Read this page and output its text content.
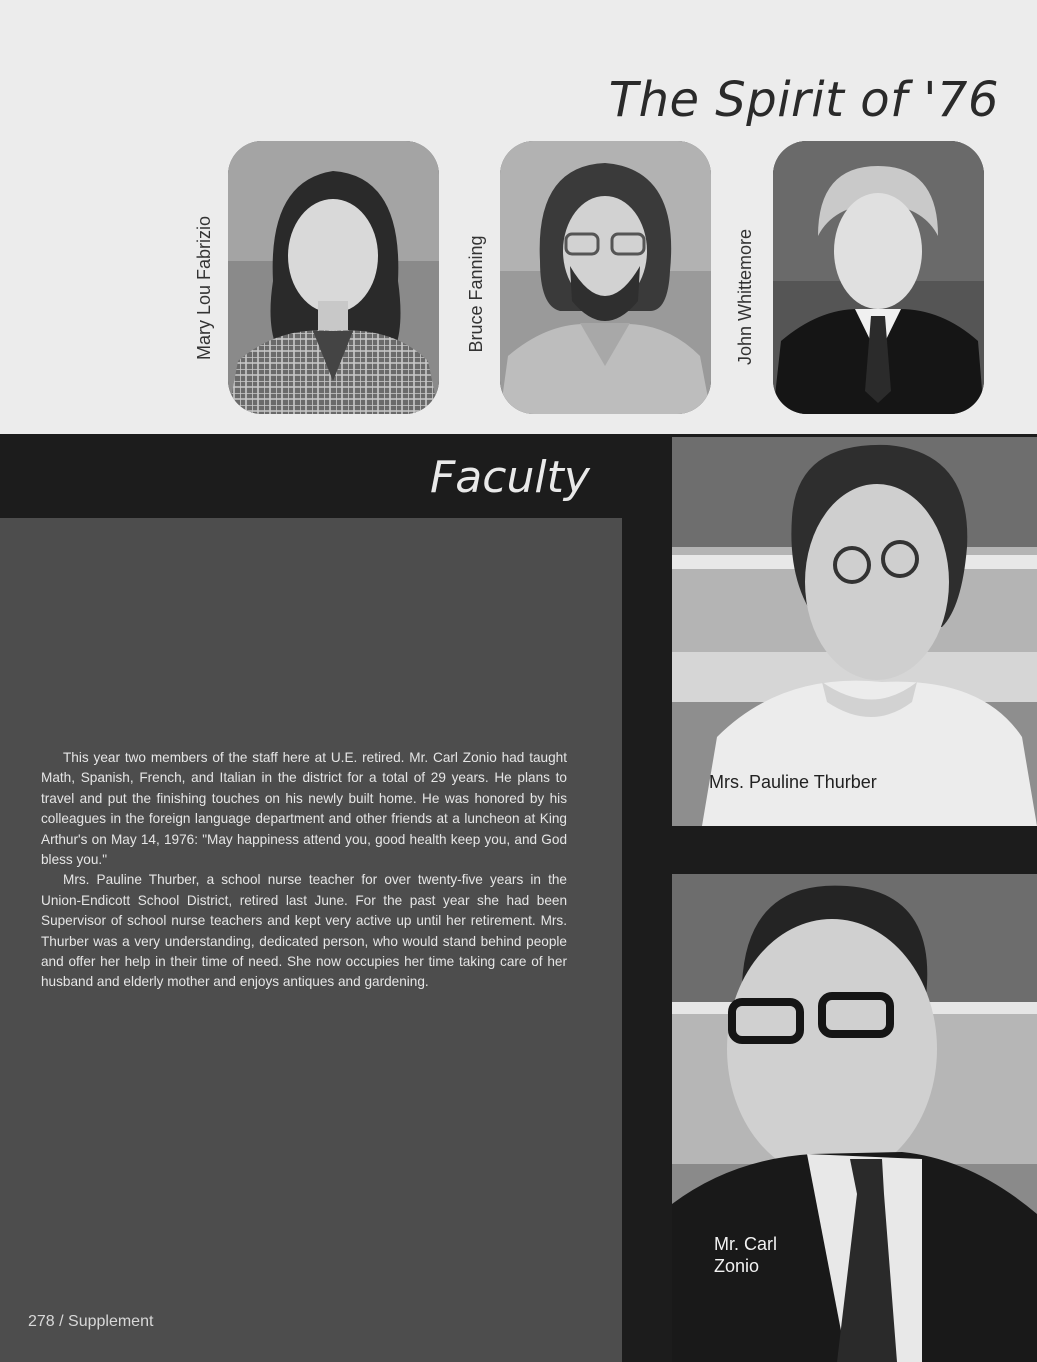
The Spirit of '76
Mary Lou Fabrizio	Bruce Fanning	John Whittemore
Faculty

This year two members of the staff here at U.E. retired. Mr. Carl Zonio had taught Math, Spanish, French, and Italian in the district for a total of 29 years. He plans to travel and put the finishing touches on his newly built home. He was honored by his colleagues in the foreign language department and other friends at a luncheon at King Arthur's on May 14, 1976: "May happiness attend you, good health keep you, and God bless you."

Mrs. Pauline Thurber, a school nurse teacher for over twenty-five years in the Union-Endicott School District, retired last June. For the past year she had been Supervisor of school nurse teachers and kept very active up until her retirement. Mrs. Thurber was a very understanding, dedicated person, who would stand behind people and offer her help in their time of need. She now occupies her time taking care of her husband and elderly mother and enjoys antiques and gardening.

Mrs. Pauline Thurber
Mr. Carl Zonio
278 / Supplement
